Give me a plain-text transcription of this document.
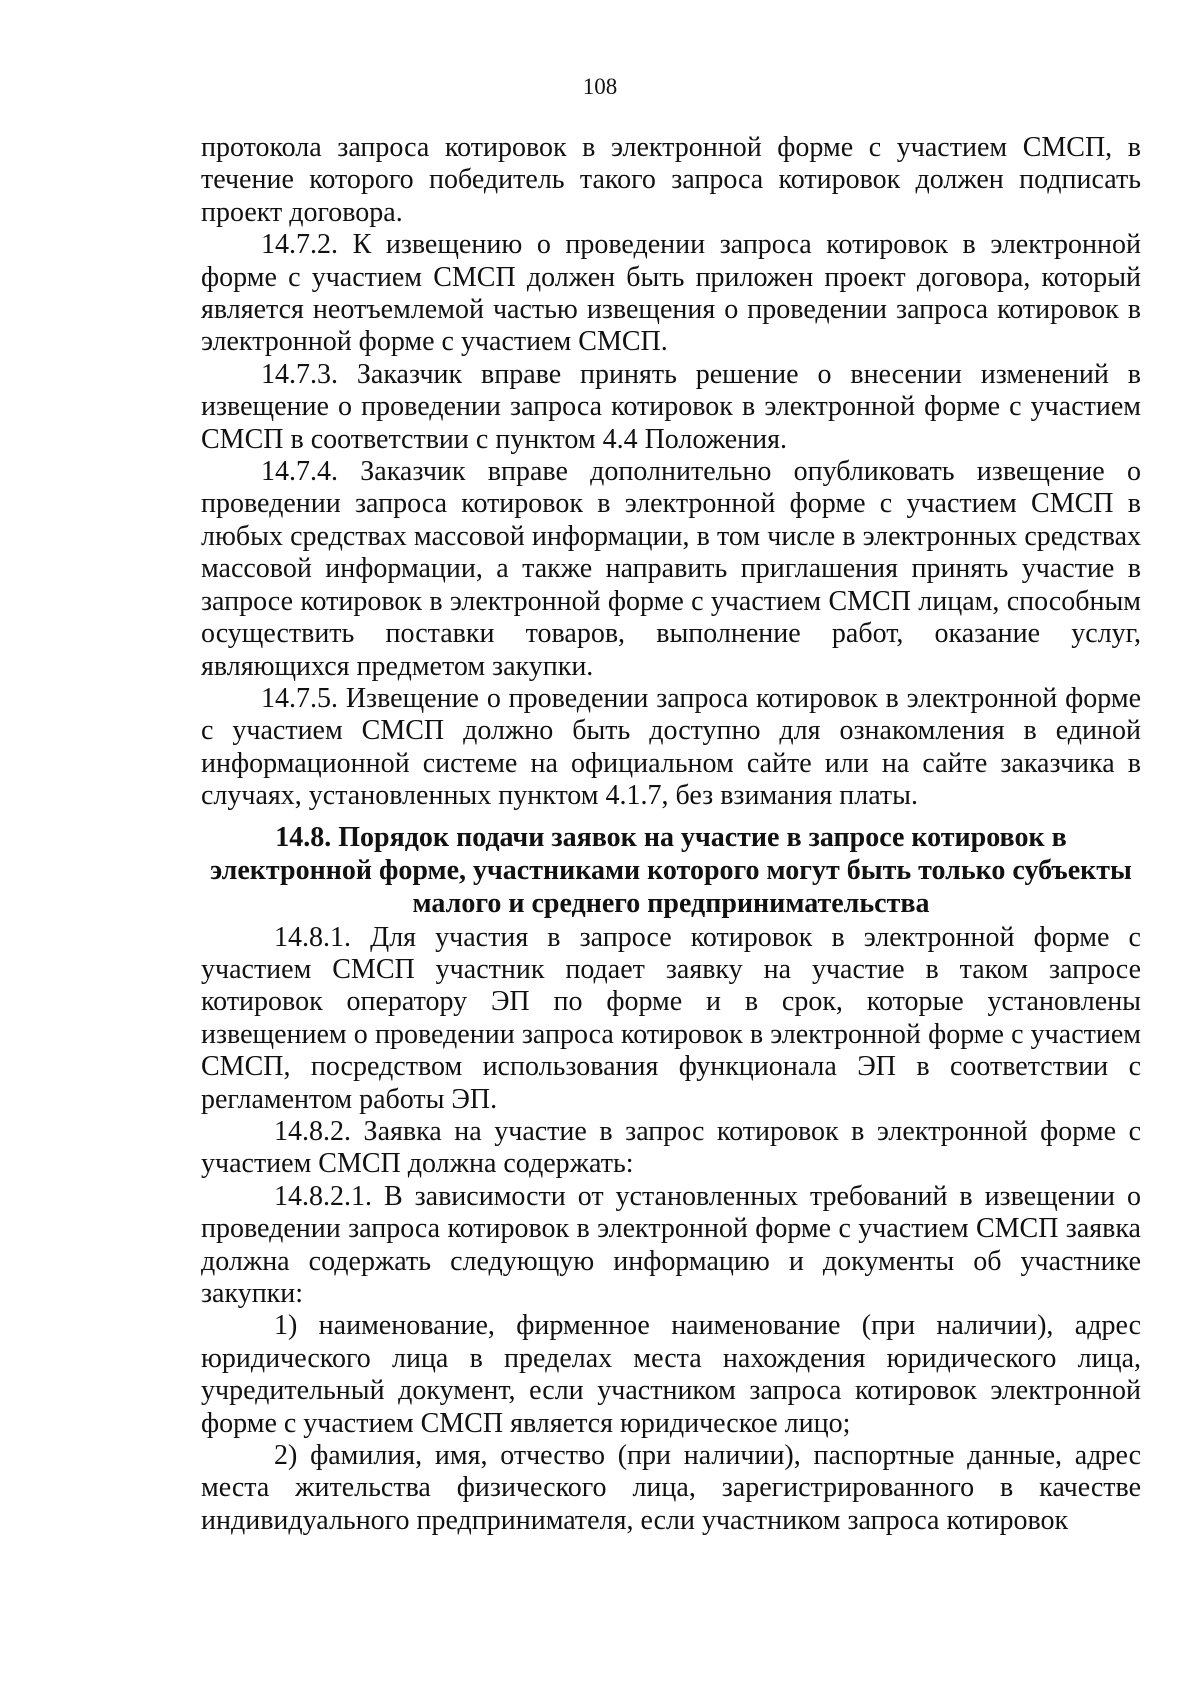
108

протокола запроса котировок в электронной форме с участием СМСП, в течение которого победитель такого запроса котировок должен подписать проект договора.

14.7.2. К извещению о проведении запроса котировок в электронной форме с участием СМСП должен быть приложен проект договора, который является неотъемлемой частью извещения о проведении запроса котировок в электронной форме с участием СМСП.

14.7.3. Заказчик вправе принять решение о внесении изменений в извещение о проведении запроса котировок в электронной форме с участием СМСП в соответствии с пунктом 4.4 Положения.

14.7.4. Заказчик вправе дополнительно опубликовать извещение о проведении запроса котировок в электронной форме с участием СМСП в любых средствах массовой информации, в том числе в электронных средствах массовой информации, а также направить приглашения принять участие в запросе котировок в электронной форме с участием СМСП лицам, способным осуществить поставки товаров, выполнение работ, оказание услуг, являющихся предметом закупки.

14.7.5. Извещение о проведении запроса котировок в электронной форме с участием СМСП должно быть доступно для ознакомления в единой информационной системе на официальном сайте или на сайте заказчика в случаях, установленных пунктом 4.1.7, без взимания платы.

14.8. Порядок подачи заявок на участие в запросе котировок в электронной форме, участниками которого могут быть только субъекты малого и среднего предпринимательства

14.8.1. Для участия в запросе котировок в электронной форме с участием СМСП участник подает заявку на участие в таком запросе котировок оператору ЭП по форме и в срок, которые установлены извещением о проведении запроса котировок в электронной форме с участием СМСП, посредством использования функционала ЭП в соответствии с регламентом работы ЭП.

14.8.2. Заявка на участие в запрос котировок в электронной форме с участием СМСП должна содержать:

14.8.2.1. В зависимости от установленных требований в извещении о проведении запроса котировок в электронной форме с участием СМСП заявка должна содержать следующую информацию и документы об участнике закупки:

1) наименование, фирменное наименование (при наличии), адрес юридического лица в пределах места нахождения юридического лица, учредительный документ, если участником запроса котировок электронной форме с участием СМСП является юридическое лицо;

2) фамилия, имя, отчество (при наличии), паспортные данные, адрес места жительства физического лица, зарегистрированного в качестве индивидуального предпринимателя, если участником запроса котировок
